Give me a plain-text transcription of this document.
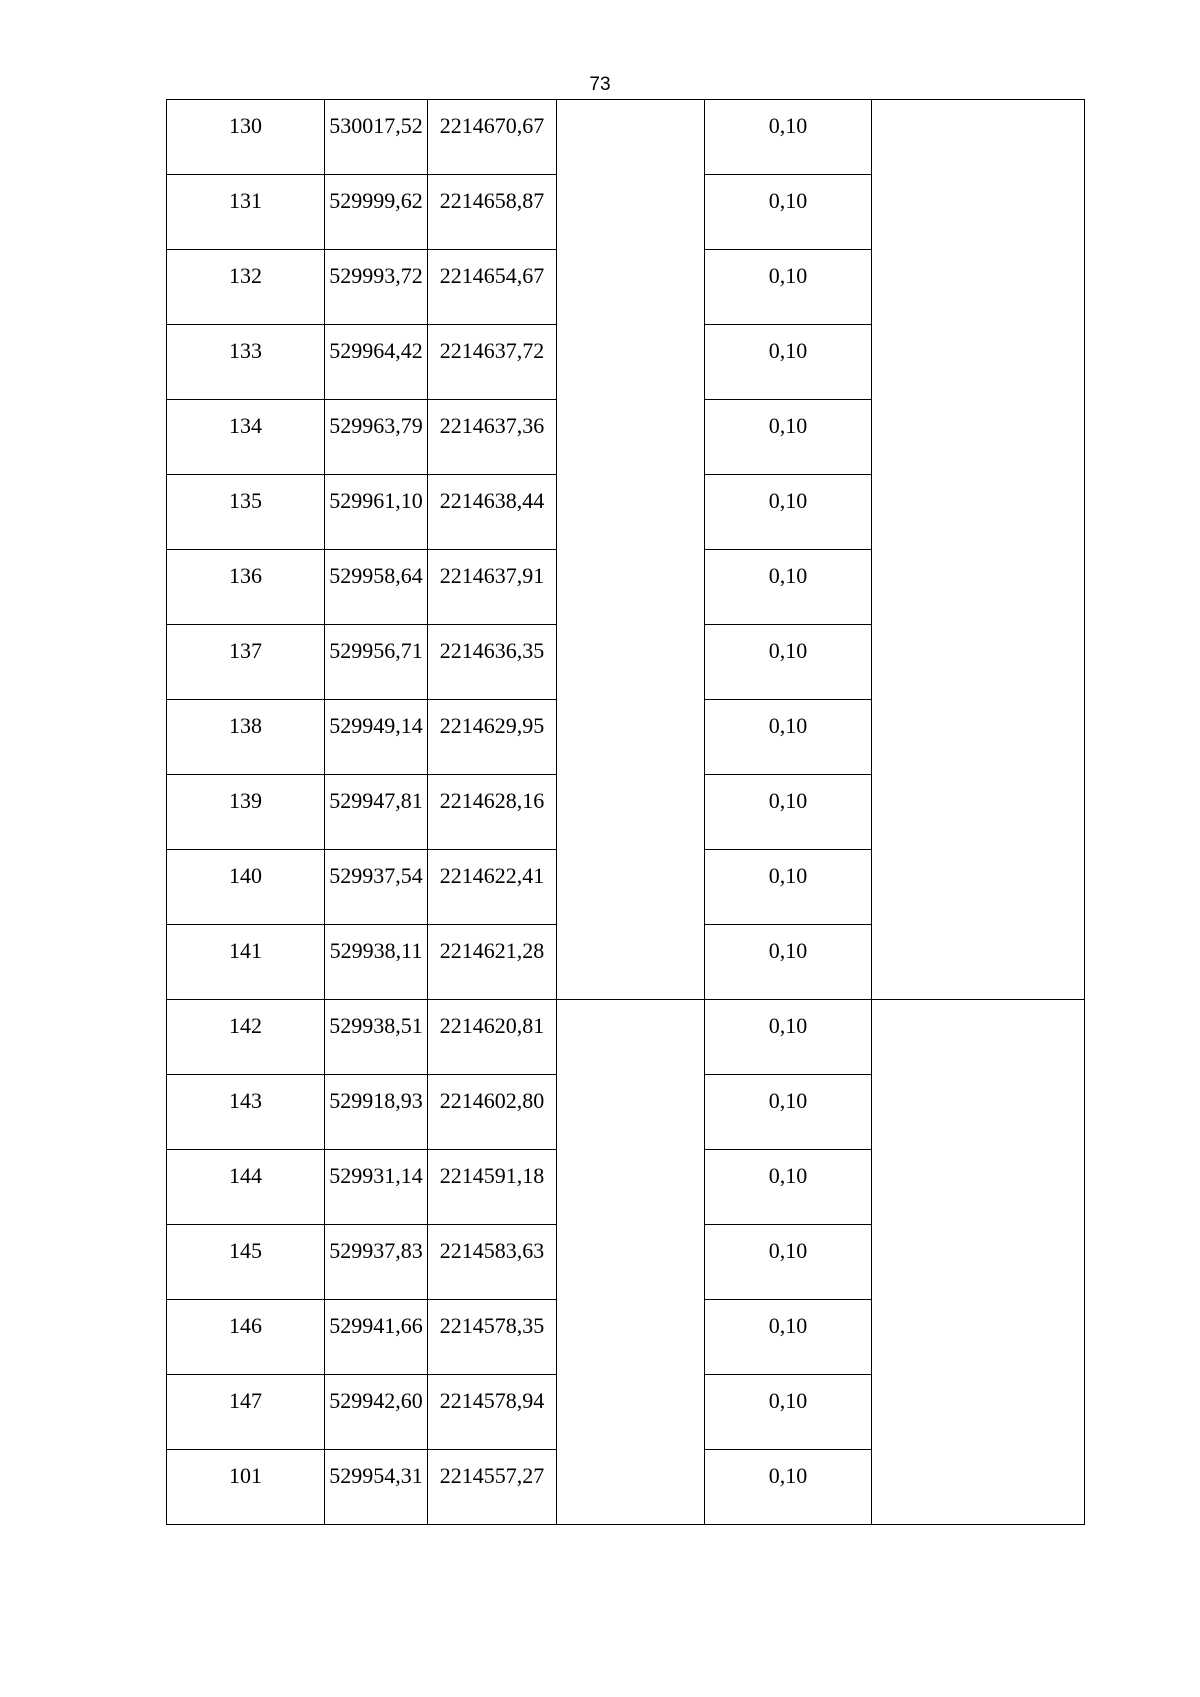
73
130	530017,52	2214670,67		0,10	
131	529999,62	2214658,87		0,10	
132	529993,72	2214654,67		0,10	
133	529964,42	2214637,72		0,10	
134	529963,79	2214637,36		0,10	
135	529961,10	2214638,44		0,10	
136	529958,64	2214637,91		0,10	
137	529956,71	2214636,35		0,10	
138	529949,14	2214629,95		0,10	
139	529947,81	2214628,16		0,10	
140	529937,54	2214622,41		0,10	
141	529938,11	2214621,28		0,10	
142	529938,51	2214620,81		0,10	
143	529918,93	2214602,80		0,10	
144	529931,14	2214591,18		0,10	
145	529937,83	2214583,63		0,10	
146	529941,66	2214578,35		0,10	
147	529942,60	2214578,94		0,10	
101	529954,31	2214557,27		0,10	
